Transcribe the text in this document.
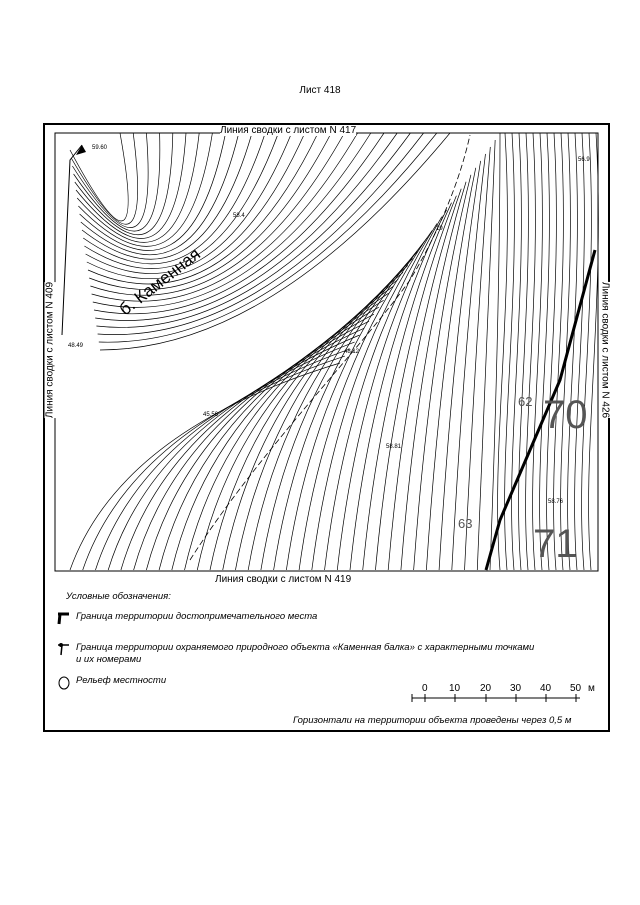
Лист 418
Линия сводки с листом N 417
Линия сводки с листом N 419
Линия сводки с листом N 409	Линия сводки с листом N 426
б. Каменная
70
71
62
63
59.60
58.4
48.49
45.56
48.12
58.81
58.76
56.9
19
Условные обозначения:
Граница территории достопримечательного места
Граница территории охраняемого природного объекта «Каменная балка» с характерными точками и их номерами
Рельеф местности
0 10 20 30 40 50 м
Горизонтали на территории объекта проведены через 0,5 м
